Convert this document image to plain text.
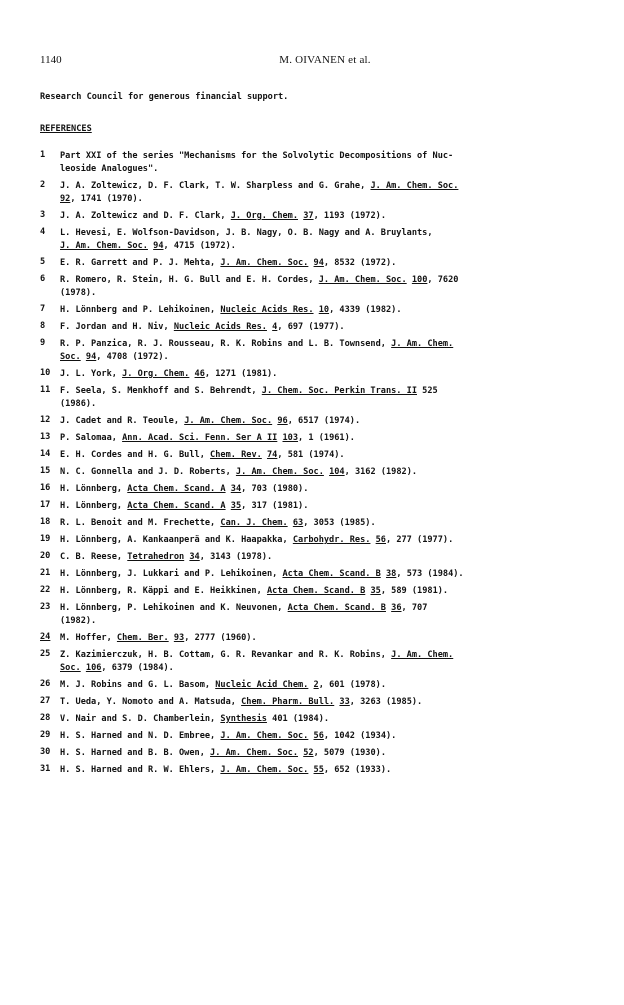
1140	M. OIVANEN et al.
Research Council for generous financial support.
REFERENCES
1	Part XXI of the series "Mechanisms for the Solvolytic Decompositions of Nuc-
leoside Analogues".
2	J. A. Zoltewicz, D. F. Clark, T. W. Sharpless and G. Grahe, J. Am. Chem. Soc.
92, 1741 (1970).
3	J. A. Zoltewicz and D. F. Clark, J. Org. Chem. 37, 1193 (1972).
4	L. Hevesi, E. Wolfson-Davidson, J. B. Nagy, O. B. Nagy and A. Bruylants,
J. Am. Chem. Soc. 94, 4715 (1972).
5	E. R. Garrett and P. J. Mehta, J. Am. Chem. Soc. 94, 8532 (1972).
6	R. Romero, R. Stein, H. G. Bull and E. H. Cordes, J. Am. Chem. Soc. 100, 7620
(1978).
7	H. Lönnberg and P. Lehikoinen, Nucleic Acids Res. 10, 4339 (1982).
8	F. Jordan and H. Niv, Nucleic Acids Res. 4, 697 (1977).
9	R. P. Panzica, R. J. Rousseau, R. K. Robins and L. B. Townsend, J. Am. Chem.
Soc. 94, 4708 (1972).
10	J. L. York, J. Org. Chem. 46, 1271 (1981).
11	F. Seela, S. Menkhoff and S. Behrendt, J. Chem. Soc. Perkin Trans. II 525
(1986).
12	J. Cadet and R. Teoule, J. Am. Chem. Soc. 96, 6517 (1974).
13	P. Salomaa, Ann. Acad. Sci. Fenn. Ser A II 103, 1 (1961).
14	E. H. Cordes and H. G. Bull, Chem. Rev. 74, 581 (1974).
15	N. C. Gonnella and J. D. Roberts, J. Am. Chem. Soc. 104, 3162 (1982).
16	H. Lönnberg, Acta Chem. Scand. A 34, 703 (1980).
17	H. Lönnberg, Acta Chem. Scand. A 35, 317 (1981).
18	R. L. Benoit and M. Frechette, Can. J. Chem. 63, 3053 (1985).
19	H. Lönnberg, A. Kankaanperä and K. Haapakka, Carbohydr. Res. 56, 277 (1977).
20	C. B. Reese, Tetrahedron 34, 3143 (1978).
21	H. Lönnberg, J. Lukkari and P. Lehikoinen, Acta Chem. Scand. B 38, 573 (1984).
22	H. Lönnberg, R. Käppi and E. Heikkinen, Acta Chem. Scand. B 35, 589 (1981).
23	H. Lönnberg, P. Lehikoinen and K. Neuvonen, Acta Chem. Scand. B 36, 707
(1982).
24	M. Hoffer, Chem. Ber. 93, 2777 (1960).
25	Z. Kazimierczuk, H. B. Cottam, G. R. Revankar and R. K. Robins, J. Am. Chem.
Soc. 106, 6379 (1984).
26	M. J. Robins and G. L. Basom, Nucleic Acid Chem. 2, 601 (1978).
27	T. Ueda, Y. Nomoto and A. Matsuda, Chem. Pharm. Bull. 33, 3263 (1985).
28	V. Nair and S. D. Chamberlein, Synthesis 401 (1984).
29	H. S. Harned and N. D. Embree, J. Am. Chem. Soc. 56, 1042 (1934).
30	H. S. Harned and B. B. Owen, J. Am. Chem. Soc. 52, 5079 (1930).
31	H. S. Harned and R. W. Ehlers, J. Am. Chem. Soc. 55, 652 (1933).
